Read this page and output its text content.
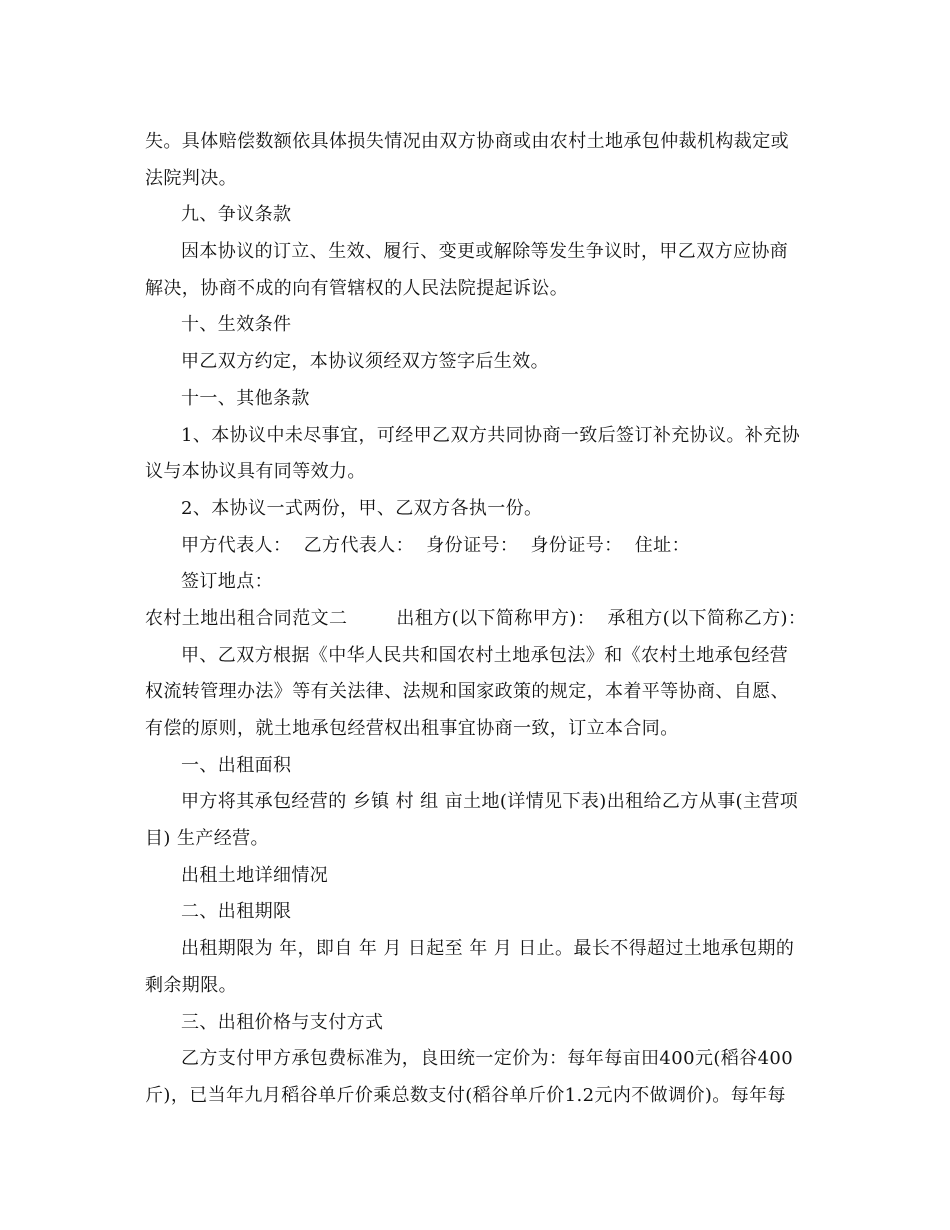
失。具体赔偿数额依具体损失情况由双方协商或由农村土地承包仲裁机构裁定或
法院判决。
九、争议条款
因本协议的订立、生效、履行、变更或解除等发生争议时，甲乙双方应协商
解决，协商不成的向有管辖权的人民法院提起诉讼。
十、生效条件
甲乙双方约定，本协议须经双方签字后生效。
十一、其他条款
1、本协议中未尽事宜，可经甲乙双方共同协商一致后签订补充协议。补充协
议与本协议具有同等效力。
2、本协议一式两份，甲、乙双方各执一份。
甲方代表人：  乙方代表人：  身份证号：  身份证号：  住址：
签订地点：
农村土地出租合同范文二        出租方(以下简称甲方)：  承租方(以下简称乙方)：
甲、乙双方根据《中华人民共和国农村土地承包法》和《农村土地承包经营
权流转管理办法》等有关法律、法规和国家政策的规定，本着平等协商、自愿、
有偿的原则，就土地承包经营权出租事宜协商一致，订立本合同。
一、出租面积
甲方将其承包经营的 乡镇 村 组 亩土地(详情见下表)出租给乙方从事(主营项
目) 生产经营。
出租土地详细情况
二、出租期限
出租期限为 年，即自 年 月 日起至 年 月 日止。最长不得超过土地承包期的
剩余期限。
三、出租价格与支付方式
乙方支付甲方承包费标准为，良田统一定价为：每年每亩田400元(稻谷400
斤)，已当年九月稻谷单斤价乘总数支付(稻谷单斤价1.2元内不做调价)。每年每
